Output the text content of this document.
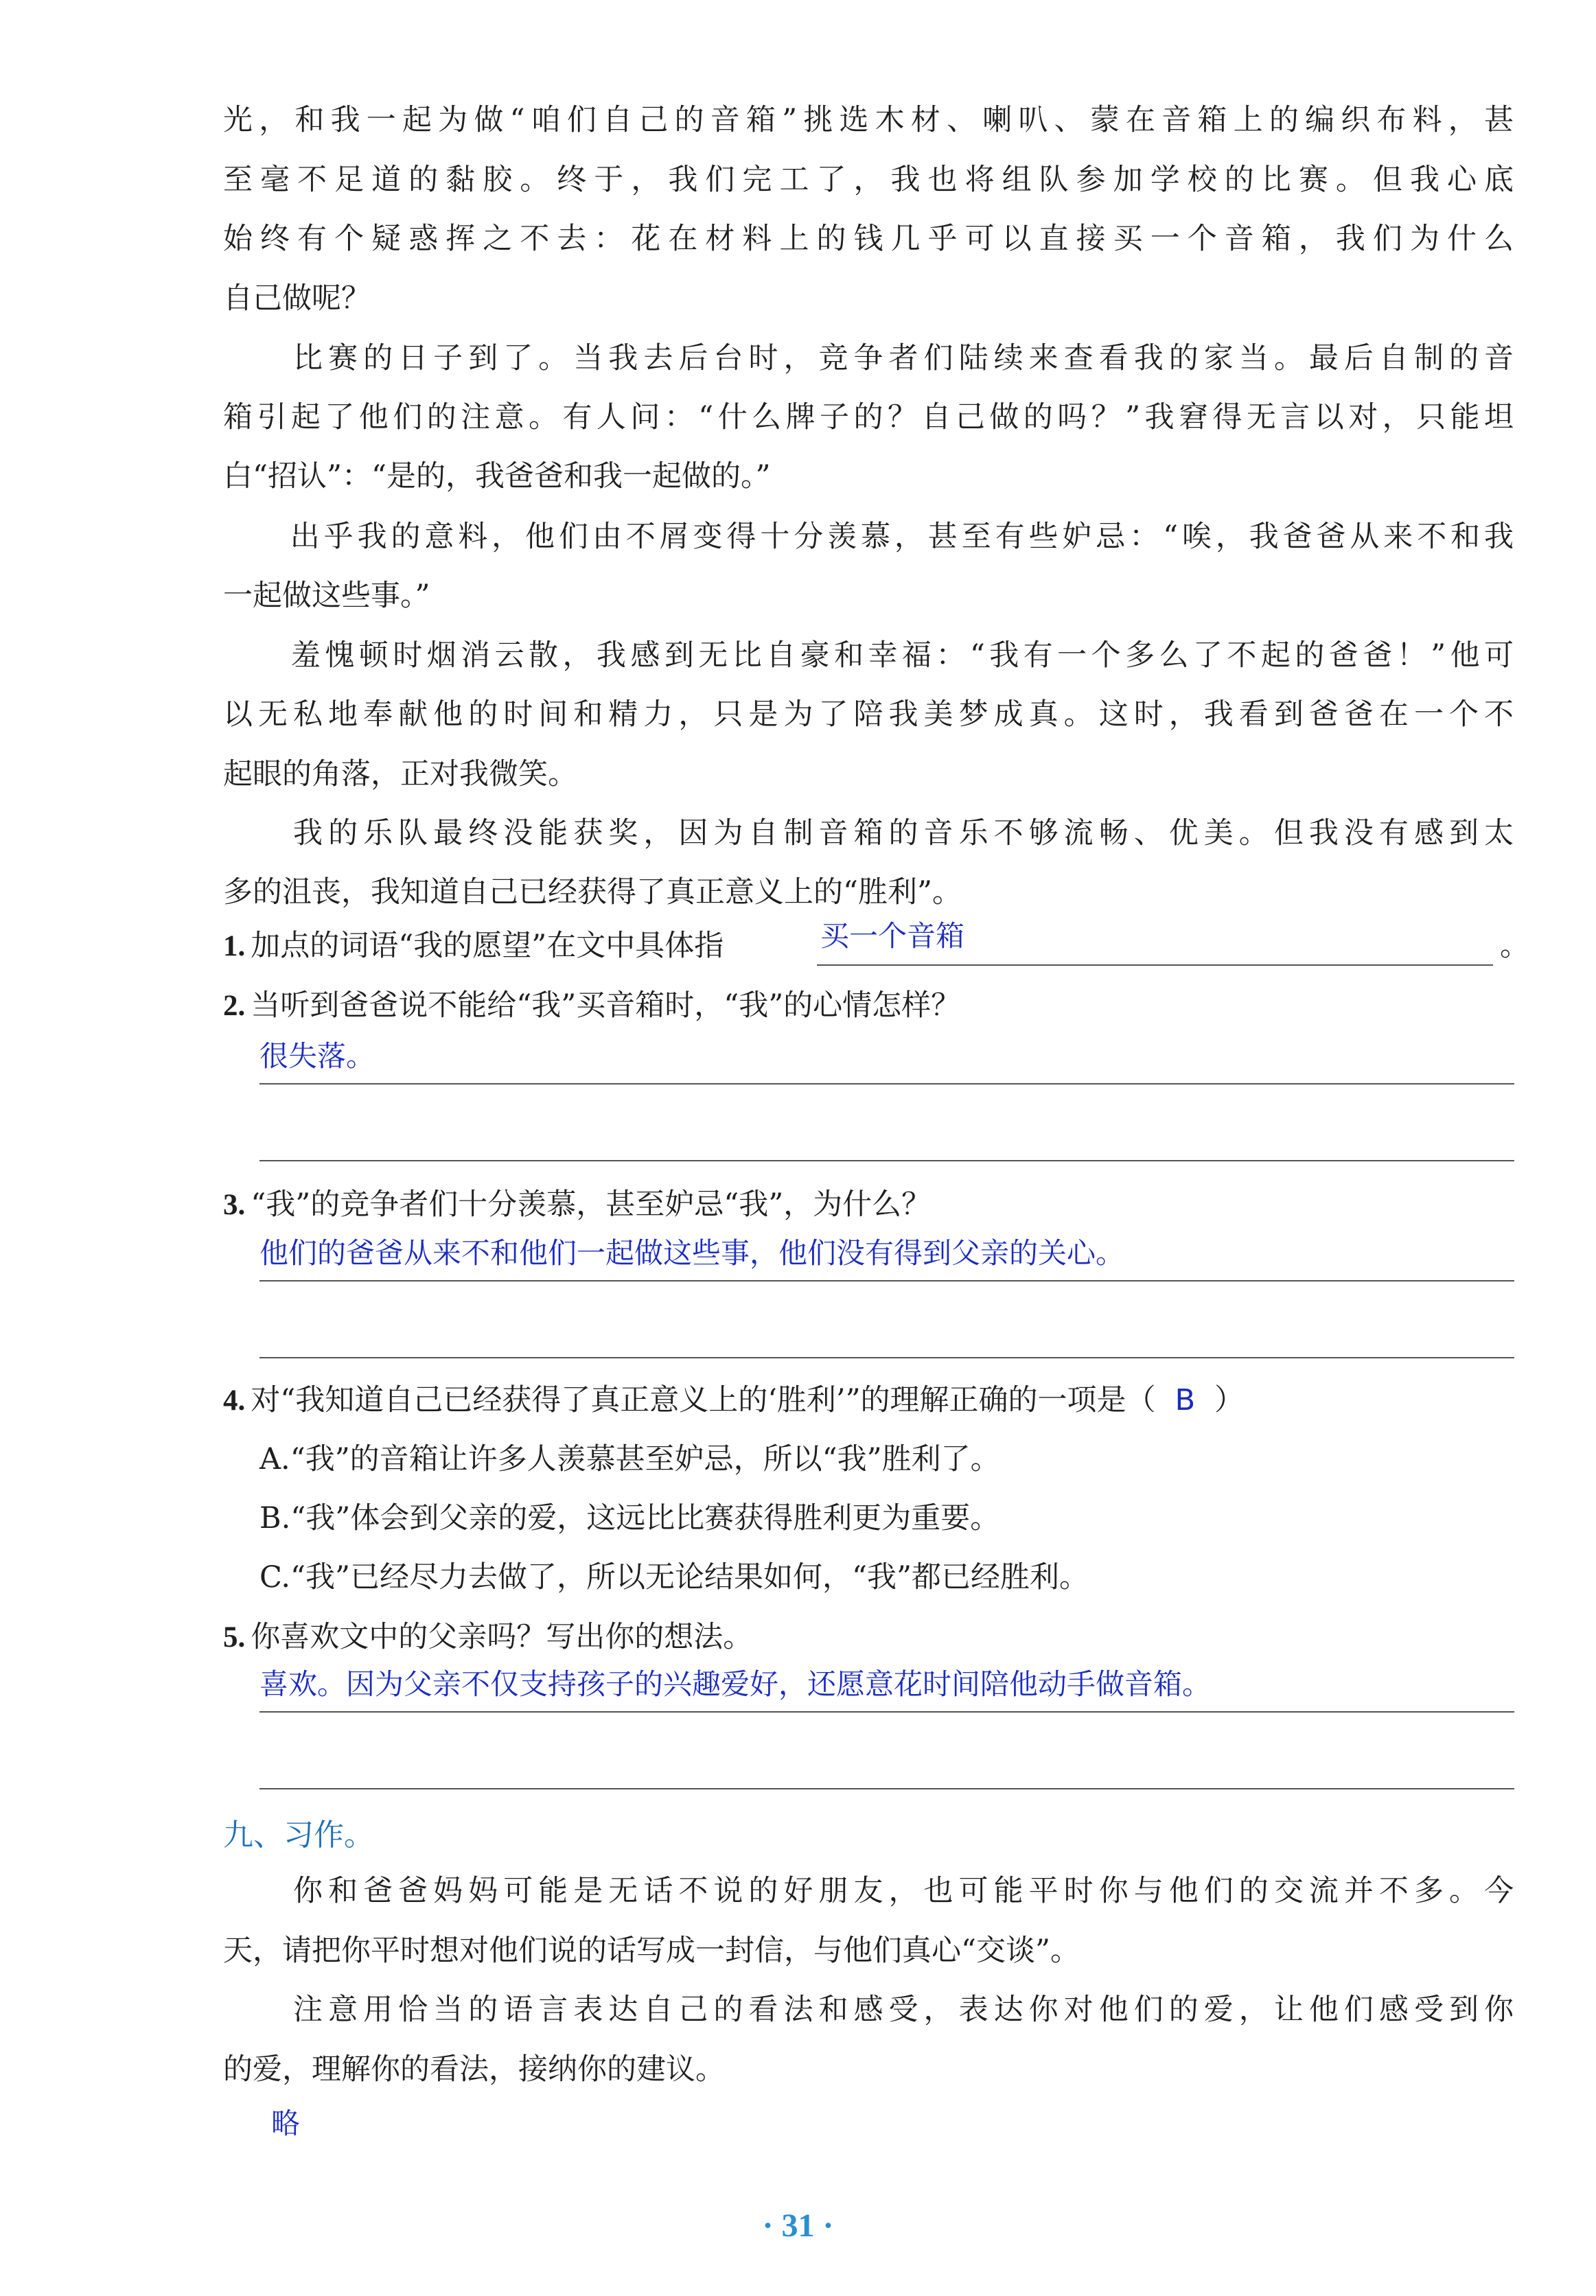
光，和我一起为做“咱们自己的音箱”挑选木材、喇叭、蒙在音箱上的编织布料，甚
至毫不足道的黏胶。终于，我们完工了，我也将组队参加学校的比赛。但我心底
始终有个疑惑挥之不去：花在材料上的钱几乎可以直接买一个音箱，我们为什么
自己做呢？
　　比赛的日子到了。当我去后台时，竞争者们陆续来查看我的家当。最后自制的音
箱引起了他们的注意。有人问：“什么牌子的？自己做的吗？”我窘得无言以对，只能坦
白“招认”：“是的，我爸爸和我一起做的。”
　　出乎我的意料，他们由不屑变得十分羡慕，甚至有些妒忌：“唉，我爸爸从来不和我
一起做这些事。”
　　羞愧顿时烟消云散，我感到无比自豪和幸福：“我有一个多么了不起的爸爸！”他可
以无私地奉献他的时间和精力，只是为了陪我美梦成真。这时，我看到爸爸在一个不
起眼的角落，正对我微笑。
　　我的乐队最终没能获奖，因为自制音箱的音乐不够流畅、优美。但我没有感到太
多的沮丧，我知道自己已经获得了真正意义上的“胜利”。
1. 加点的词语“我的愿望”在文中具体指	买一个音箱	。
2. 当听到爸爸说不能给“我”买音箱时，“我”的心情怎样？
很失落。
3. “我”的竞争者们十分羡慕，甚至妒忌“我”，为什么？
他们的爸爸从来不和他们一起做这些事，他们没有得到父亲的关心。
4. 对“我知道自己已经获得了真正意义上的‘胜利’”的理解正确的一项是（ B ）
A.“我”的音箱让许多人羡慕甚至妒忌，所以“我”胜利了。
B.“我”体会到父亲的爱，这远比比赛获得胜利更为重要。
C.“我”已经尽力去做了，所以无论结果如何，“我”都已经胜利。
5. 你喜欢文中的父亲吗？写出你的想法。
喜欢。因为父亲不仅支持孩子的兴趣爱好，还愿意花时间陪他动手做音箱。
九、习作。
　　你和爸爸妈妈可能是无话不说的好朋友，也可能平时你与他们的交流并不多。今
天，请把你平时想对他们说的话写成一封信，与他们真心“交谈”。
　　注意用恰当的语言表达自己的看法和感受，表达你对他们的爱，让他们感受到你
的爱，理解你的看法，接纳你的建议。
略
· 31 ·
